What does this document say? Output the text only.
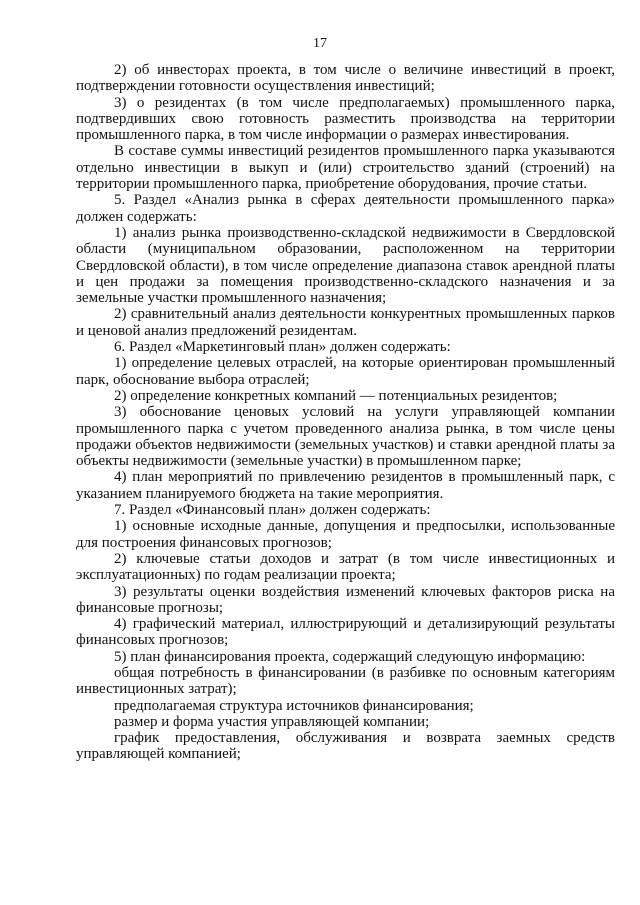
17

2) об инвесторах проекта, в том числе о величине инвестиций в проект, подтверждении готовности осуществления инвестиций;

3) о резидентах (в том числе предполагаемых) промышленного парка, подтвердивших свою готовность разместить производства на территории промышленного парка, в том числе информации о размерах инвестирования.

В составе суммы инвестиций резидентов промышленного парка указываются отдельно инвестиции в выкуп и (или) строительство зданий (строений) на территории промышленного парка, приобретение оборудования, прочие статьи.

5. Раздел «Анализ рынка в сферах деятельности промышленного парка» должен содержать:

1) анализ рынка производственно-складской недвижимости в Свердловской области (муниципальном образовании, расположенном на территории Свердловской области), в том числе определение диапазона ставок арендной платы и цен продажи за помещения производственно-складского назначения и за земельные участки промышленного назначения;

2) сравнительный анализ деятельности конкурентных промышленных парков и ценовой анализ предложений резидентам.

6. Раздел «Маркетинговый план» должен содержать:

1) определение целевых отраслей, на которые ориентирован промышленный парк, обоснование выбора отраслей;

2) определение конкретных компаний — потенциальных резидентов;

3) обоснование ценовых условий на услуги управляющей компании промышленного парка с учетом проведенного анализа рынка, в том числе цены продажи объектов недвижимости (земельных участков) и ставки арендной платы за объекты недвижимости (земельные участки) в промышленном парке;

4) план мероприятий по привлечению резидентов в промышленный парк, с указанием планируемого бюджета на такие мероприятия.

7. Раздел «Финансовый план» должен содержать:

1) основные исходные данные, допущения и предпосылки, использованные для построения финансовых прогнозов;

2) ключевые статьи доходов и затрат (в том числе инвестиционных и эксплуатационных) по годам реализации проекта;

3) результаты оценки воздействия изменений ключевых факторов риска на финансовые прогнозы;

4) графический материал, иллюстрирующий и детализирующий результаты финансовых прогнозов;

5) план финансирования проекта, содержащий следующую информацию:

общая потребность в финансировании (в разбивке по основным категориям инвестиционных затрат);

предполагаемая структура источников финансирования;

размер и форма участия управляющей компании;

график предоставления, обслуживания и возврата заемных средств управляющей компанией;
